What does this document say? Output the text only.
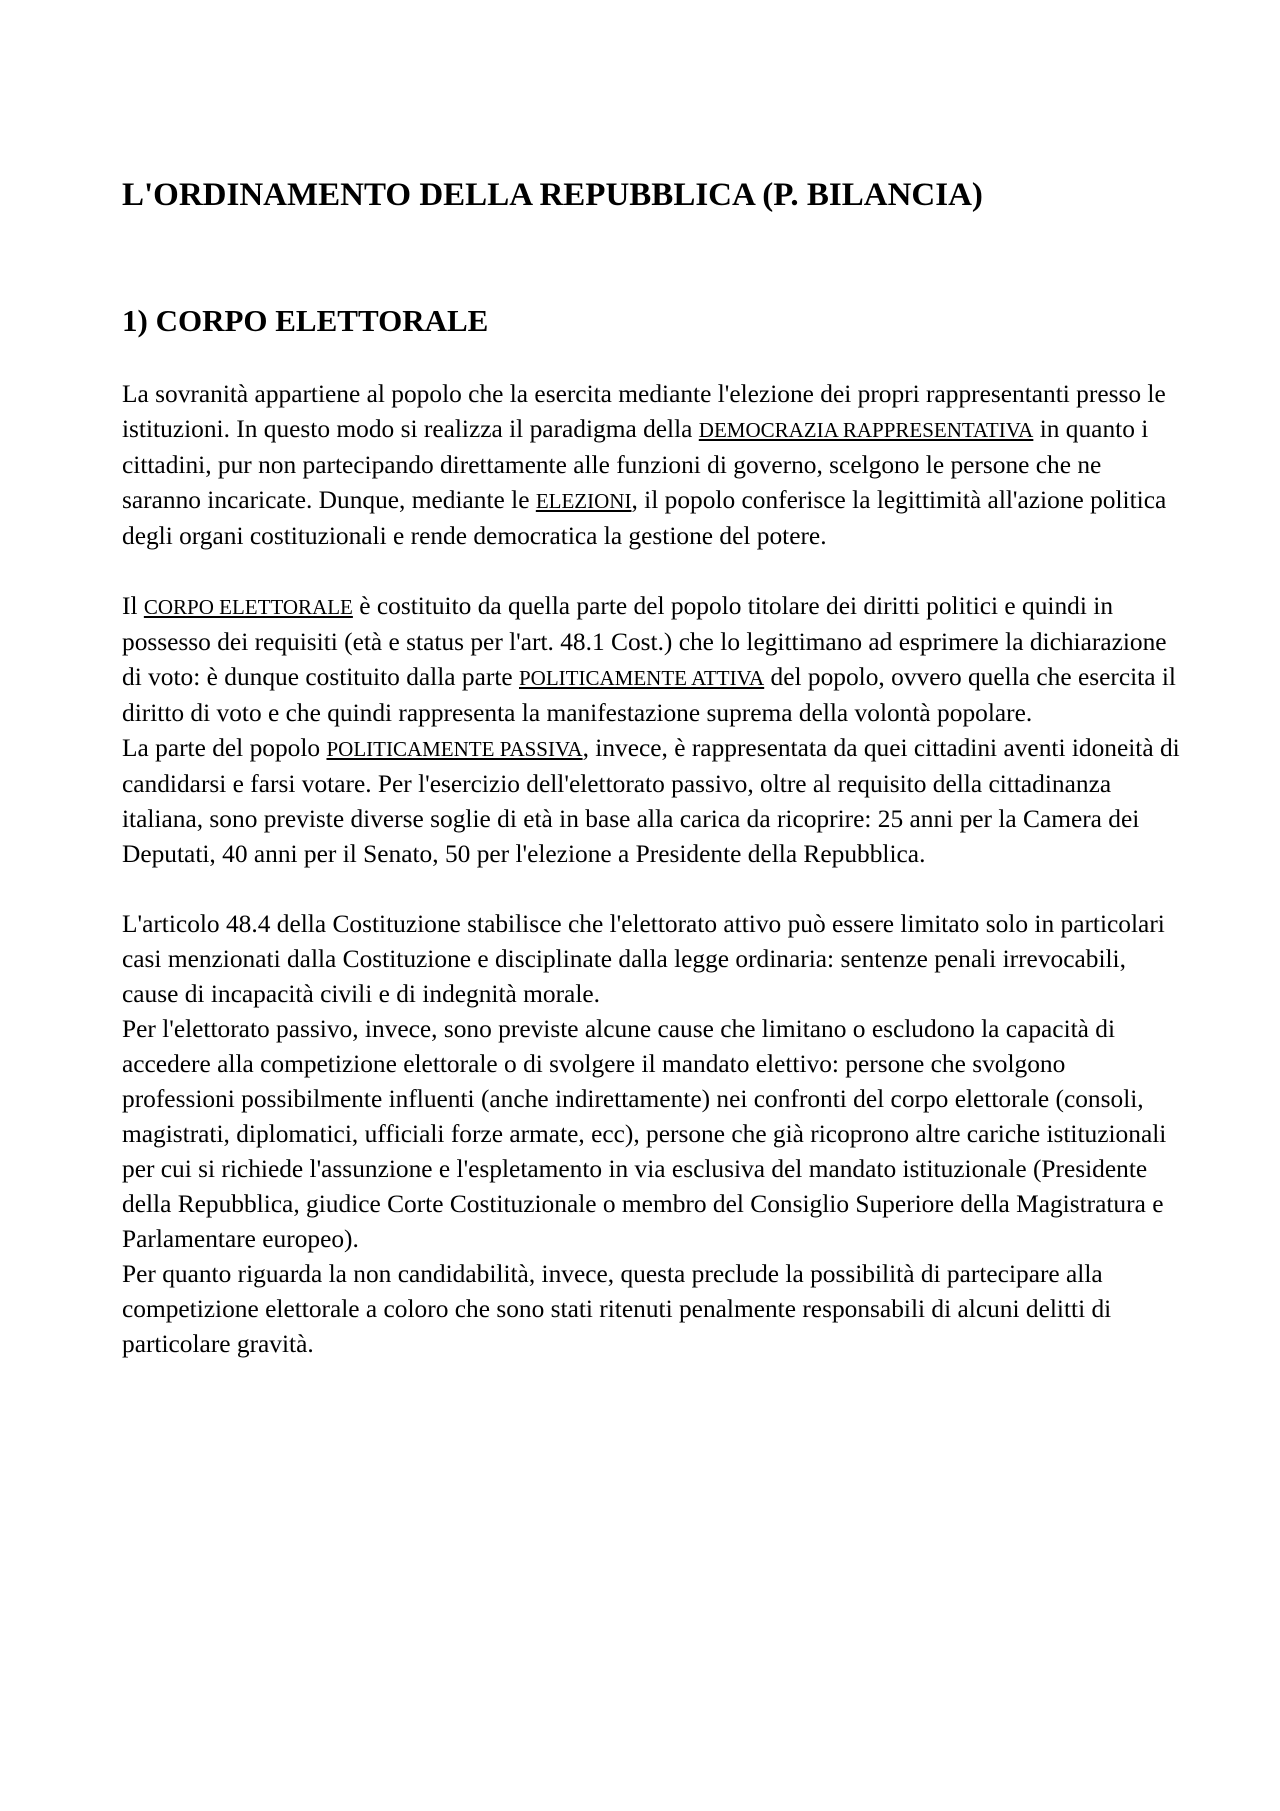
L'ORDINAMENTO DELLA REPUBBLICA (P. BILANCIA)
1) CORPO ELETTORALE

La sovranità appartiene al popolo che la esercita mediante l'elezione dei propri rappresentanti presso le istituzioni. In questo modo si realizza il paradigma della DEMOCRAZIA RAPPRESENTATIVA in quanto i cittadini, pur non partecipando direttamente alle funzioni di governo, scelgono le persone che ne saranno incaricate. Dunque, mediante le ELEZIONI, il popolo conferisce la legittimità all'azione politica degli organi costituzionali e rende democratica la gestione del potere.

Il CORPO ELETTORALE è costituito da quella parte del popolo titolare dei diritti politici e quindi in possesso dei requisiti (età e status per l'art. 48.1 Cost.) che lo legittimano ad esprimere la dichiarazione di voto: è dunque costituito dalla parte POLITICAMENTE ATTIVA del popolo, ovvero quella che esercita il diritto di voto e che quindi rappresenta la manifestazione suprema della volontà popolare.

La parte del popolo POLITICAMENTE PASSIVA, invece, è rappresentata da quei cittadini aventi idoneità di candidarsi e farsi votare. Per l'esercizio dell'elettorato passivo, oltre al requisito della cittadinanza italiana, sono previste diverse soglie di età in base alla carica da ricoprire: 25 anni per la Camera dei Deputati, 40 anni per il Senato, 50 per l'elezione a Presidente della Repubblica.

L'articolo 48.4 della Costituzione stabilisce che l'elettorato attivo può essere limitato solo in particolari casi menzionati dalla Costituzione e disciplinate dalla legge ordinaria: sentenze penali irrevocabili, cause di incapacità civili e di indegnità morale.

Per l'elettorato passivo, invece, sono previste alcune cause che limitano o escludono la capacità di accedere alla competizione elettorale o di svolgere il mandato elettivo: persone che svolgono professioni possibilmente influenti (anche indirettamente) nei confronti del corpo elettorale (consoli, magistrati, diplomatici, ufficiali forze armate, ecc), persone che già ricoprono altre cariche istituzionali per cui si richiede l'assunzione e l'espletamento in via esclusiva del mandato istituzionale (Presidente della Repubblica, giudice Corte Costituzionale o membro del Consiglio Superiore della Magistratura e Parlamentare europeo).

Per quanto riguarda la non candidabilità, invece, questa preclude la possibilità di partecipare alla competizione elettorale a coloro che sono stati ritenuti penalmente responsabili di alcuni delitti di particolare gravità.
